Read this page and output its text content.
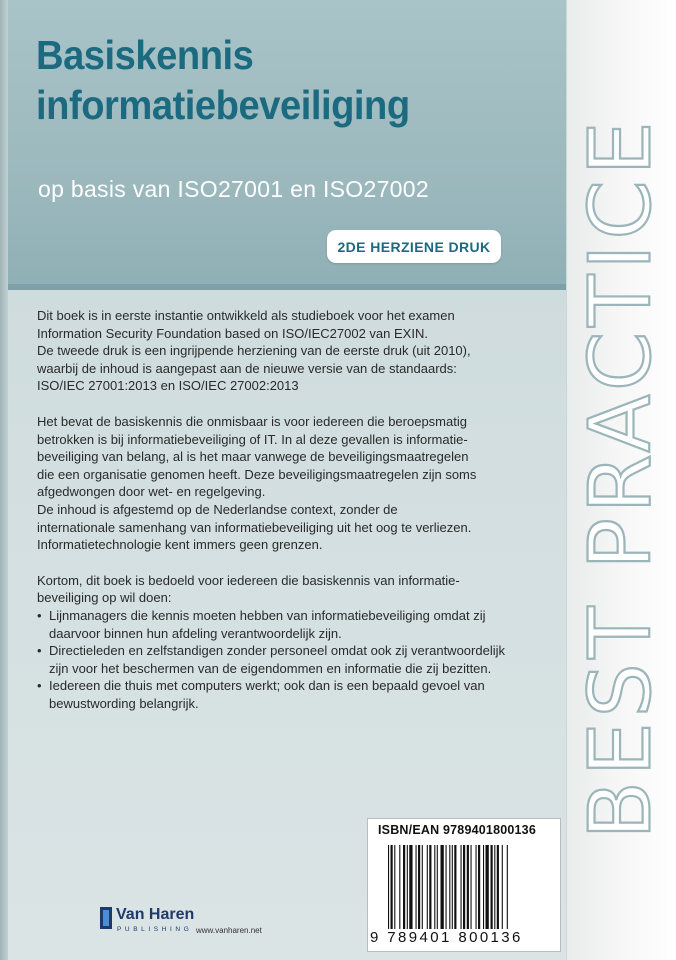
Basiskennis
informatiebeveiliging
op basis van ISO27001 en ISO27002
2DE HERZIENE DRUK

Dit boek is in eerste instantie ontwikkeld als studieboek voor het examen
Information Security Foundation based on ISO/IEC27002 van EXIN.
De tweede druk is een ingrijpende herziening van de eerste druk (uit 2010),
waarbij de inhoud is aangepast aan de nieuwe versie van de standaards:
ISO/IEC 27001:2013 en ISO/IEC 27002:2013

Het bevat de basiskennis die onmisbaar is voor iedereen die beroepsmatig
betrokken is bij informatiebeveiliging of IT. In al deze gevallen is informatie-
beveiliging van belang, al is het maar vanwege de beveiligingsmaatregelen
die een organisatie genomen heeft. Deze beveiligingsmaatregelen zijn soms
afgedwongen door wet- en regelgeving.
De inhoud is afgestemd op de Nederlandse context, zonder de
internationale samenhang van informatiebeveiliging uit het oog te verliezen.
Informatietechnologie kent immers geen grenzen.

Kortom, dit boek is bedoeld voor iedereen die basiskennis van informatie-
beveiliging op wil doen:

• Lijnmanagers die kennis moeten hebben van informatiebeveiliging omdat zij
daarvoor binnen hun afdeling verantwoordelijk zijn.
• Directieleden en zelfstandigen zonder personeel omdat ook zij verantwoordelijk
zijn voor het beschermen van de eigendommen en informatie die zij bezitten.
• Iedereen die thuis met computers werkt; ook dan is een bepaald gevoel van
bewustwording belangrijk.	BEST PRACTICE
ISBN/EAN 9789401800136
9 789401 800136
Van Haren
PUBLISHING www.vanharen.net
